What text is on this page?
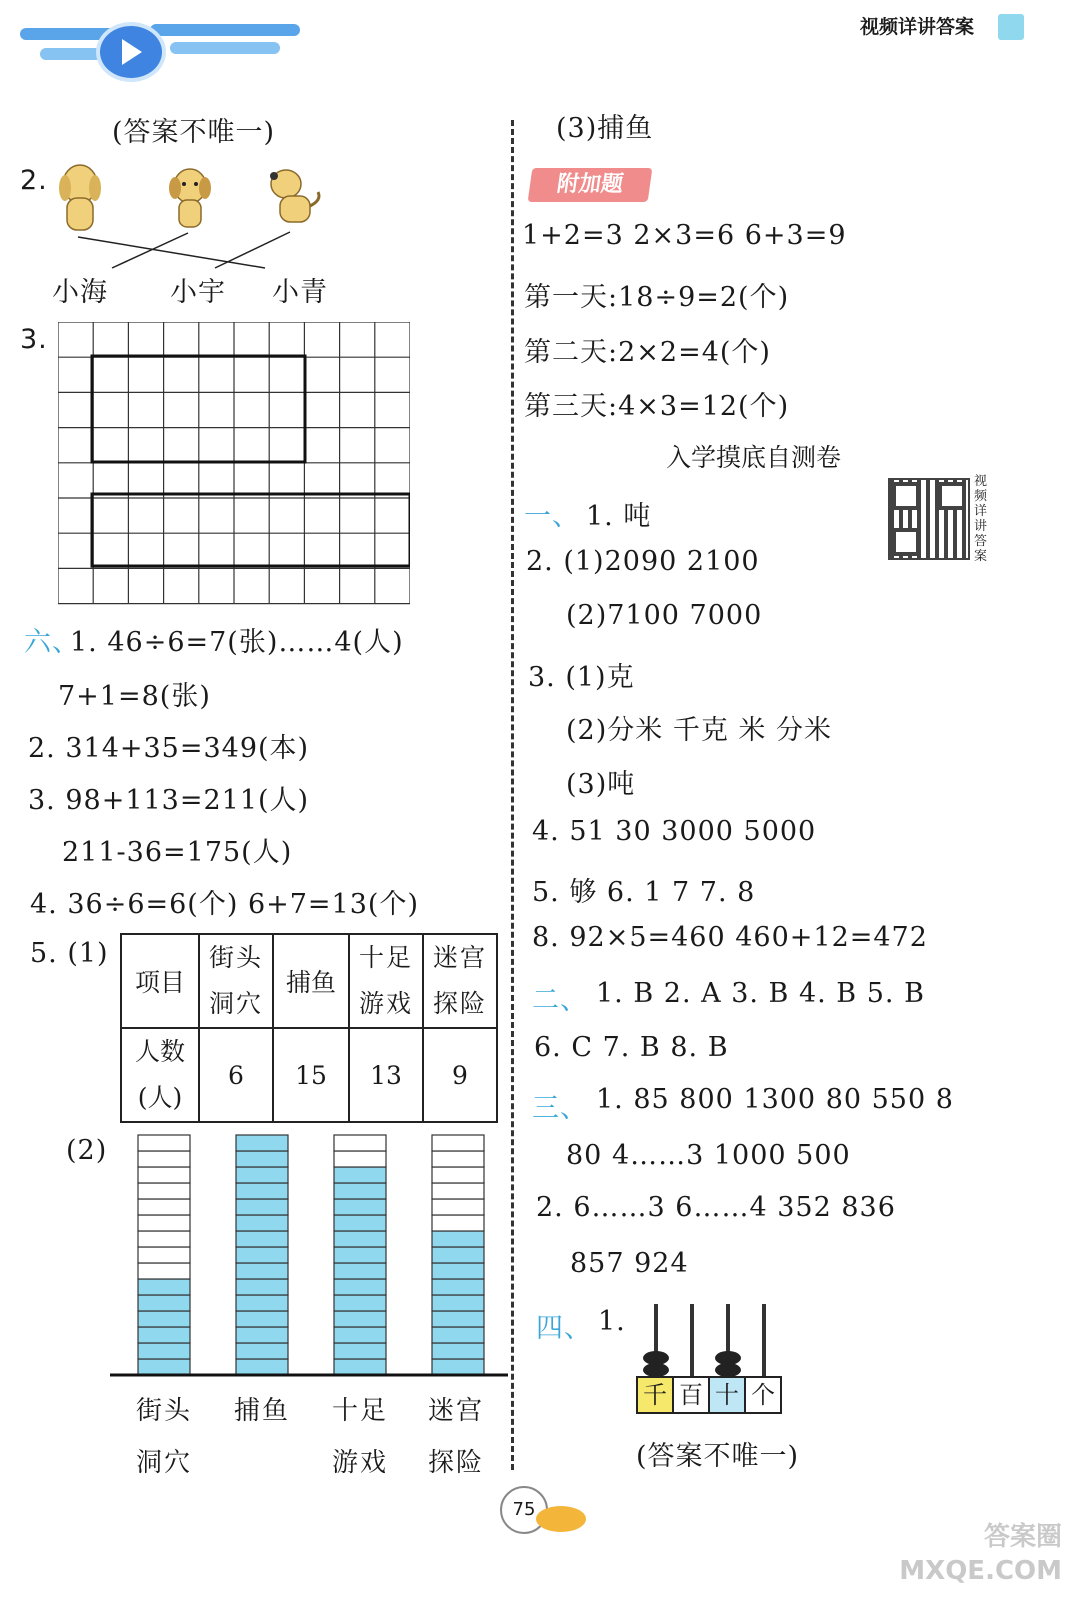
视频详讲答案
(答案不唯一)
2.
小海 小宇 小青
3.
六、
1. 46÷6=7(张)……4(人)
7+1=8(张)
2. 314+35=349(本)
3. 98+113=211(人)
211-36=175(人)
4. 36÷6=6(个) 6+7=13(个)
5. (1)
项目	街头洞穴	捕鱼	十足游戏	迷宫探险
人数(人)	6	15	13	9
(2)
街头 捕鱼 十足 迷宫
洞穴	游戏 探险
(3)捕鱼
附加题
1+2=3 2×3=6 6+3=9
第一天:18÷9=2(个)
第二天:2×2=4(个)
第三天:4×3=12(个)
入学摸底自测卷
视频详讲答案
一、 1. 吨
2. (1)2090 2100
(2)7100 7000
3. (1)克
(2)分米 千克 米 分米
(3)吨
4. 51 30 3000 5000
5. 够 6. 1 7 7. 8
8. 92×5=460 460+12=472
二、 1. B 2. A 3. B 4. B 5. B
6. C 7. B 8. B
三、 1. 85 800 1300 80 550 8
80 4……3 1000 500
2. 6……3 6……4 352 836
857 924
四、 1.
千 百 十 个
(答案不唯一)
75
答案圈 MXQE.COM
